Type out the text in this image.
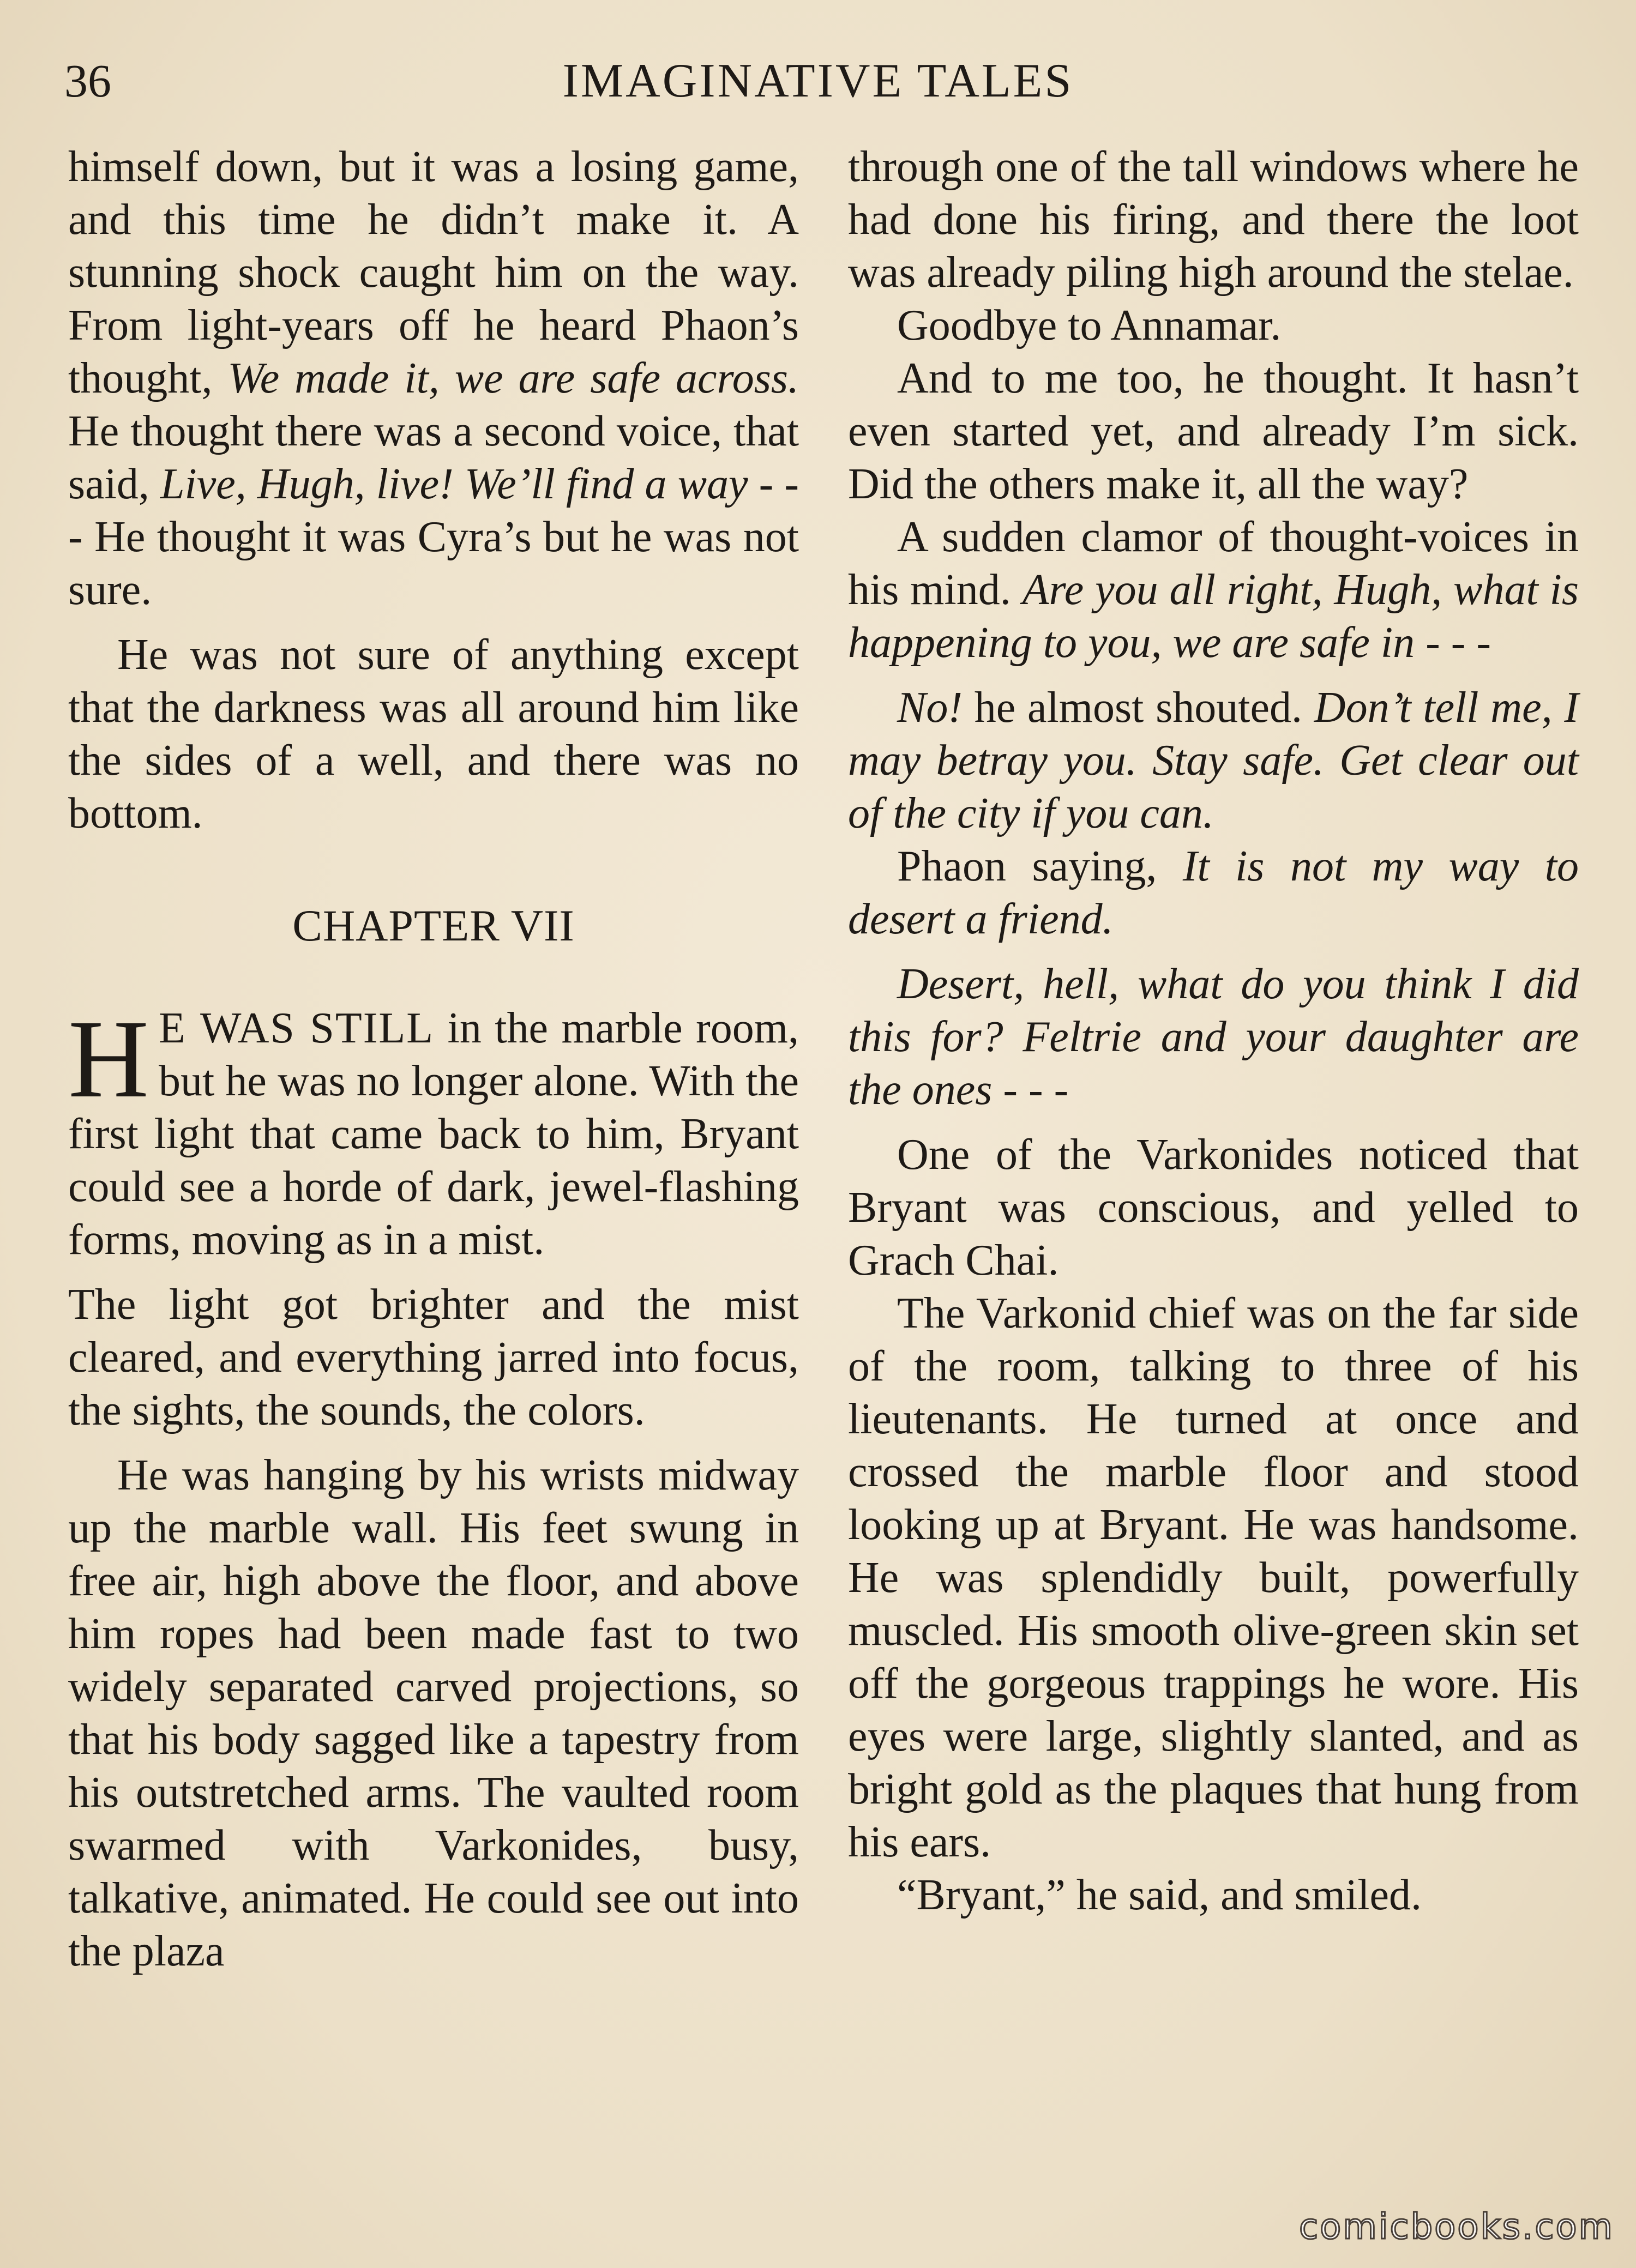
36	IMAGINATIVE TALES

himself down, but it was a losing game, and this time he didn’t make it. A stunning shock caught him on the way. From light-years off he heard Phaon’s thought, We made it, we are safe across. He thought there was a second voice, that said, Live, Hugh, live! We’ll find a way - - - He thought it was Cyra’s but he was not sure.

He was not sure of anything except that the darkness was all around him like the sides of a well, and there was no bottom.

CHAPTER VII

H E WAS STILL in the marble room, but he was no longer alone. With the first light that came back to him, Bryant could see a horde of dark, jewel-flashing forms, moving as in a mist.

The light got brighter and the mist cleared, and everything jarred into focus, the sights, the sounds, the colors.

He was hanging by his wrists midway up the marble wall. His feet swung in free air, high above the floor, and above him ropes had been made fast to two widely separated carved projections, so that his body sagged like a tapestry from his outstretched arms. The vaulted room swarmed with Varkonides, busy, talkative, animated. He could see out into the plaza

through one of the tall windows where he had done his firing, and there the loot was already piling high around the stelae.

Goodbye to Annamar.

And to me too, he thought. It hasn’t even started yet, and already I’m sick. Did the others make it, all the way?

A sudden clamor of thought-voices in his mind. Are you all right, Hugh, what is happening to you, we are safe in - - -

No! he almost shouted. Don’t tell me, I may betray you. Stay safe. Get clear out of the city if you can.

Phaon saying, It is not my way to desert a friend.

Desert, hell, what do you think I did this for? Feltrie and your daughter are the ones - - -

One of the Varkonides noticed that Bryant was conscious, and yelled to Grach Chai.

The Varkonid chief was on the far side of the room, talking to three of his lieutenants. He turned at once and crossed the marble floor and stood looking up at Bryant. He was handsome. He was splendidly built, powerfully muscled. His smooth olive-green skin set off the gorgeous trappings he wore. His eyes were large, slightly slanted, and as bright gold as the plaques that hung from his ears.

“Bryant,” he said, and smiled.

comicbooks.com
